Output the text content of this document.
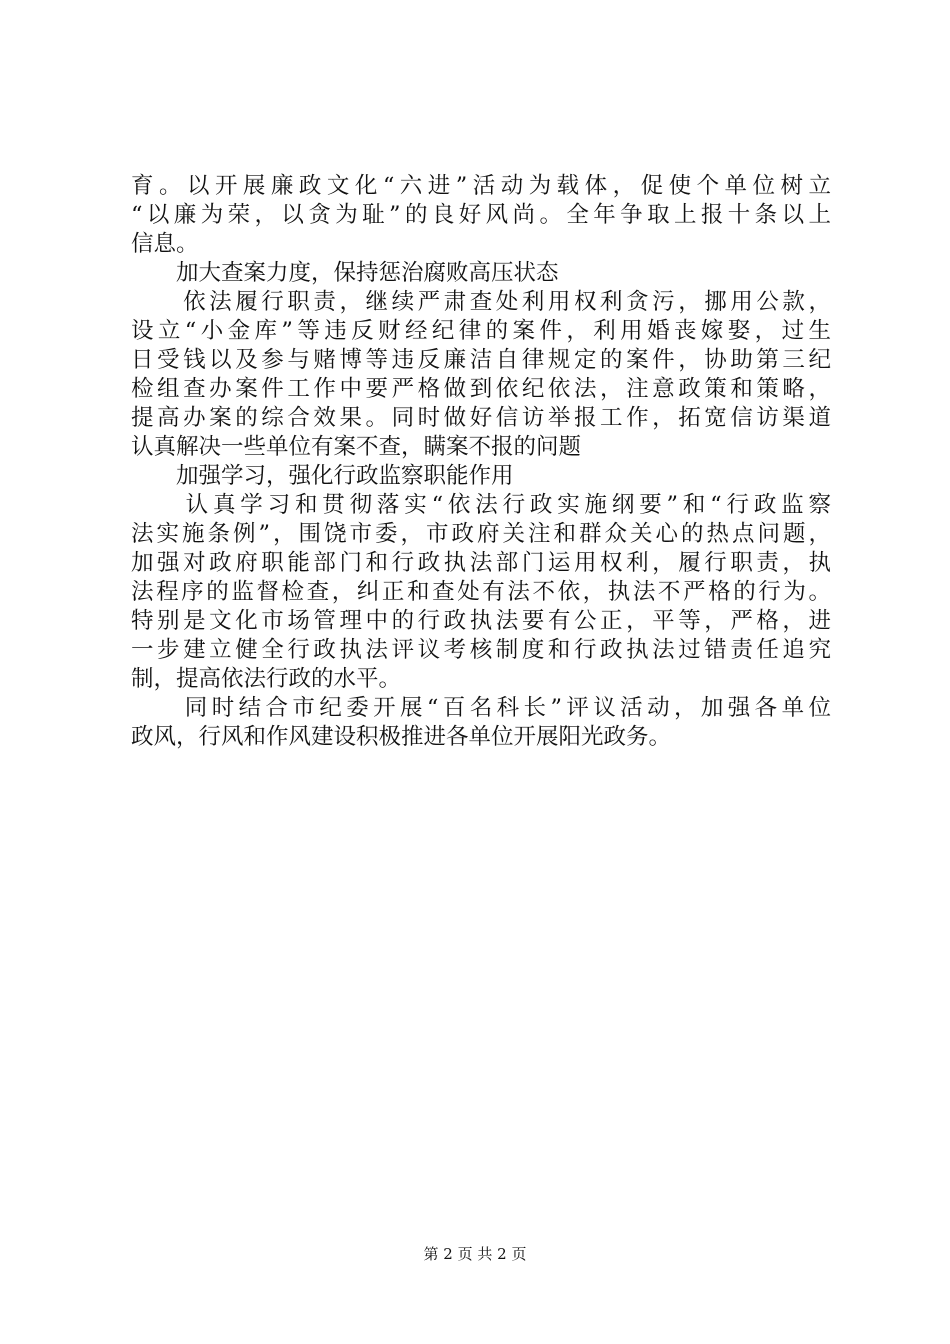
育。以开展廉政文化“六进”活动为载体，促使个单位树立
“以廉为荣，以贪为耻”的良好风尚。全年争取上报十条以上
信息。
　　加大查案力度，保持惩治腐败高压状态
　　依法履行职责，继续严肃查处利用权利贪污，挪用公款，
设立“小金库”等违反财经纪律的案件，利用婚丧嫁娶，过生
日受钱以及参与赌博等违反廉洁自律规定的案件，协助第三纪
检组查办案件工作中要严格做到依纪依法，注意政策和策略，
提高办案的综合效果。同时做好信访举报工作，拓宽信访渠道
认真解决一些单位有案不查，瞒案不报的问题
　　加强学习，强化行政监察职能作用
　　认真学习和贯彻落实“依法行政实施纲要”和“行政监察
法实施条例”，围饶市委，市政府关注和群众关心的热点问题，
加强对政府职能部门和行政执法部门运用权利，履行职责，执
法程序的监督检查，纠正和查处有法不依，执法不严格的行为。
特别是文化市场管理中的行政执法要有公正，平等，严格，进
一步建立健全行政执法评议考核制度和行政执法过错责任追究
制，提高依法行政的水平。
　　同时结合市纪委开展“百名科长”评议活动，加强各单位
政风，行风和作风建设积极推进各单位开展阳光政务。
第 2 页 共 2 页
